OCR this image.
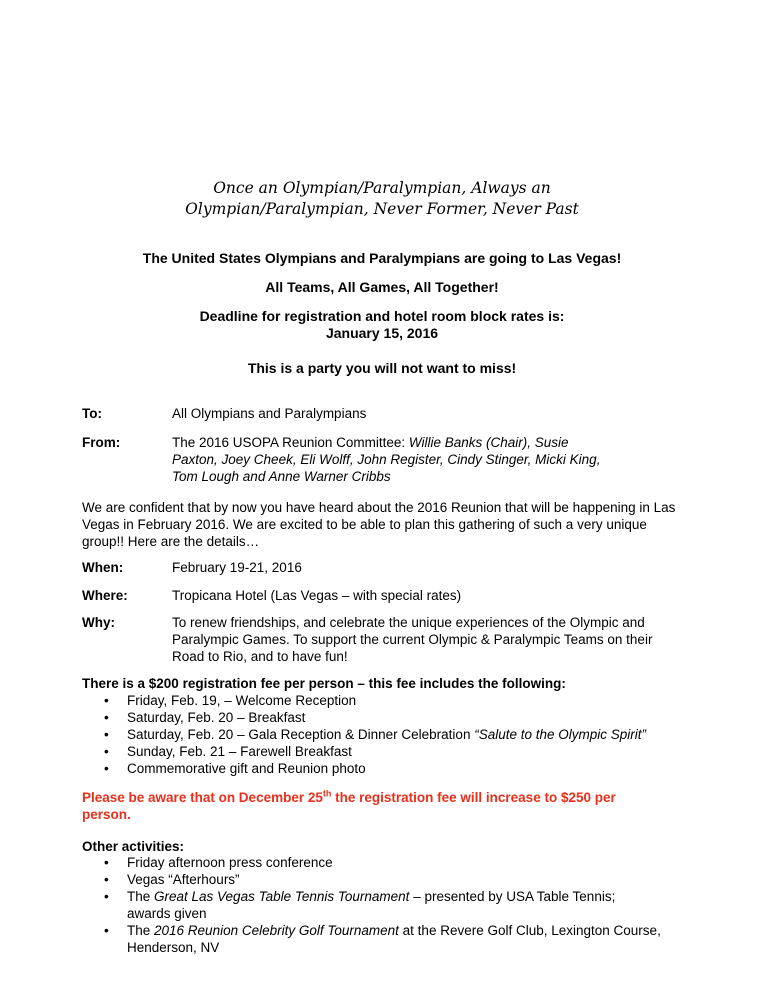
Once an Olympian/Paralympian, Always an
Olympian/Paralympian, Never Former, Never Past
The United States Olympians and Paralympians are going to Las Vegas!
All Teams, All Games, All Together!
Deadline for registration and hotel room block rates is:
January 15, 2016
This is a party you will not want to miss!
To:	All Olympians and Paralympians
From:	The 2016 USOPA Reunion Committee: Willie Banks (Chair), Susie
Paxton, Joey Cheek, Eli Wolff, John Register, Cindy Stinger, Micki King,
Tom Lough and Anne Warner Cribbs
We are confident that by now you have heard about the 2016 Reunion that will be happening in Las Vegas in February 2016. We are excited to be able to plan this gathering of such a very unique group!! Here are the details…
When:	February 19-21, 2016
Where:	Tropicana Hotel (Las Vegas – with special rates)
Why:	To renew friendships, and celebrate the unique experiences of the Olympic and Paralympic Games. To support the current Olympic & Paralympic Teams on their Road to Rio, and to have fun!
There is a $200 registration fee per person – this fee includes the following:
• Friday, Feb. 19, – Welcome Reception
• Saturday, Feb. 20 – Breakfast
• Saturday, Feb. 20 – Gala Reception & Dinner Celebration “Salute to the Olympic Spirit”
• Sunday, Feb. 21 – Farewell Breakfast
• Commemorative gift and Reunion photo
Please be aware that on December 25th the registration fee will increase to $250 per person.
Other activities:
• Friday afternoon press conference
• Vegas “Afterhours”
• The Great Las Vegas Table Tennis Tournament – presented by USA Table Tennis; awards given
• The 2016 Reunion Celebrity Golf Tournament at the Revere Golf Club, Lexington Course, Henderson, NV
